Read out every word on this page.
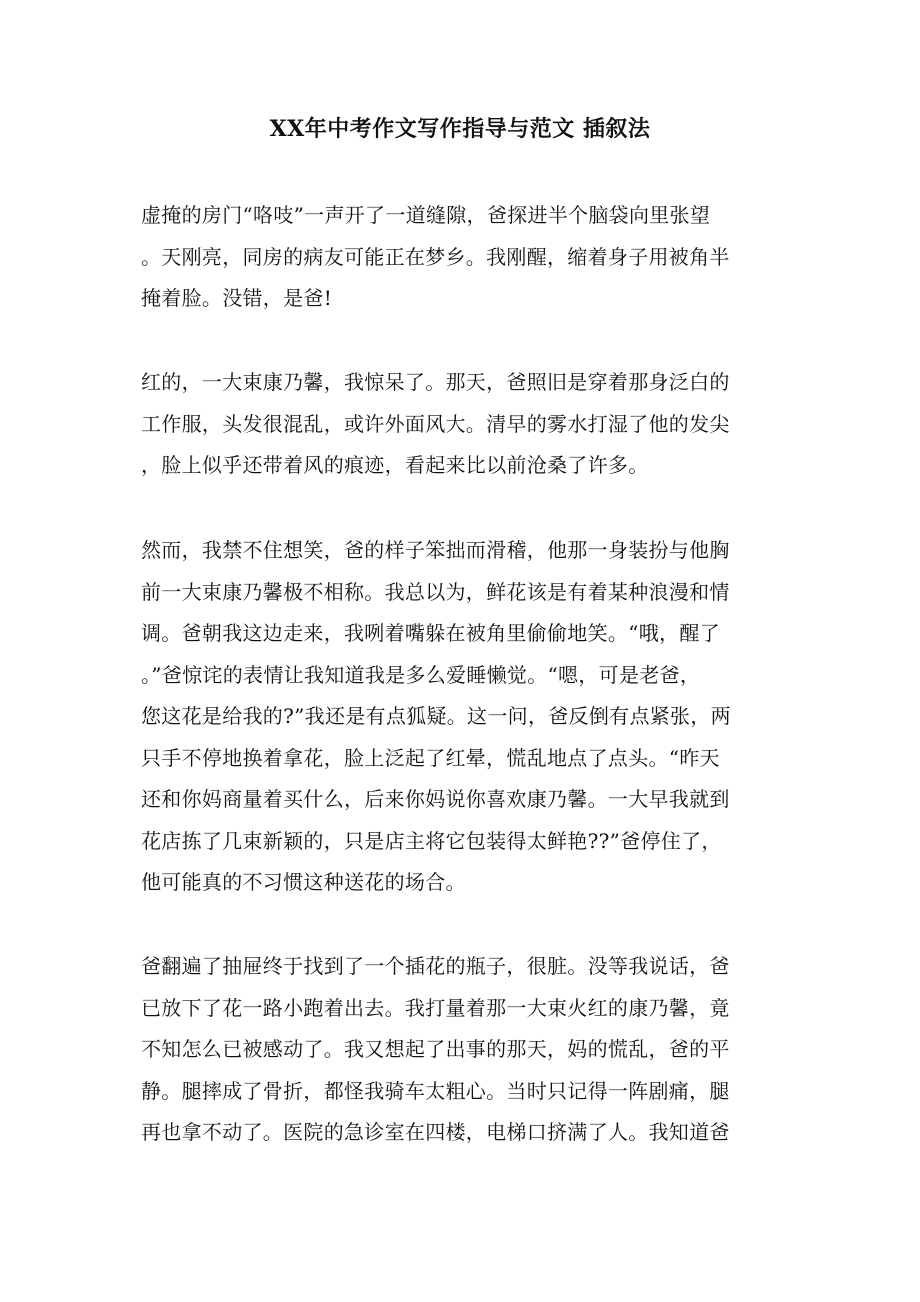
XX年中考作文写作指导与范文 插叙法
虚掩的房门“咯吱”一声开了一道缝隙，爸探进半个脑袋向里张望
。天刚亮，同房的病友可能正在梦乡。我刚醒，缩着身子用被角半
掩着脸。没错，是爸!
红的，一大束康乃馨，我惊呆了。那天，爸照旧是穿着那身泛白的
工作服，头发很混乱，或许外面风大。清早的雾水打湿了他的发尖
，脸上似乎还带着风的痕迹，看起来比以前沧桑了许多。
然而，我禁不住想笑，爸的样子笨拙而滑稽，他那一身装扮与他胸
前一大束康乃馨极不相称。我总以为，鲜花该是有着某种浪漫和情
调。爸朝我这边走来，我咧着嘴躲在被角里偷偷地笑。“哦，醒了
。”爸惊诧的表情让我知道我是多么爱睡懒觉。“嗯，可是老爸，
您这花是给我的?”我还是有点狐疑。这一问，爸反倒有点紧张，两
只手不停地换着拿花，脸上泛起了红晕，慌乱地点了点头。“昨天
还和你妈商量着买什么，后来你妈说你喜欢康乃馨。一大早我就到
花店拣了几束新颖的，只是店主将它包装得太鲜艳??”爸停住了，
他可能真的不习惯这种送花的场合。
爸翻遍了抽屉终于找到了一个插花的瓶子，很脏。没等我说话，爸
已放下了花一路小跑着出去。我打量着那一大束火红的康乃馨，竟
不知怎么已被感动了。我又想起了出事的那天，妈的慌乱，爸的平
静。腿摔成了骨折，都怪我骑车太粗心。当时只记得一阵剧痛，腿
再也拿不动了。医院的急诊室在四楼，电梯口挤满了人。我知道爸
